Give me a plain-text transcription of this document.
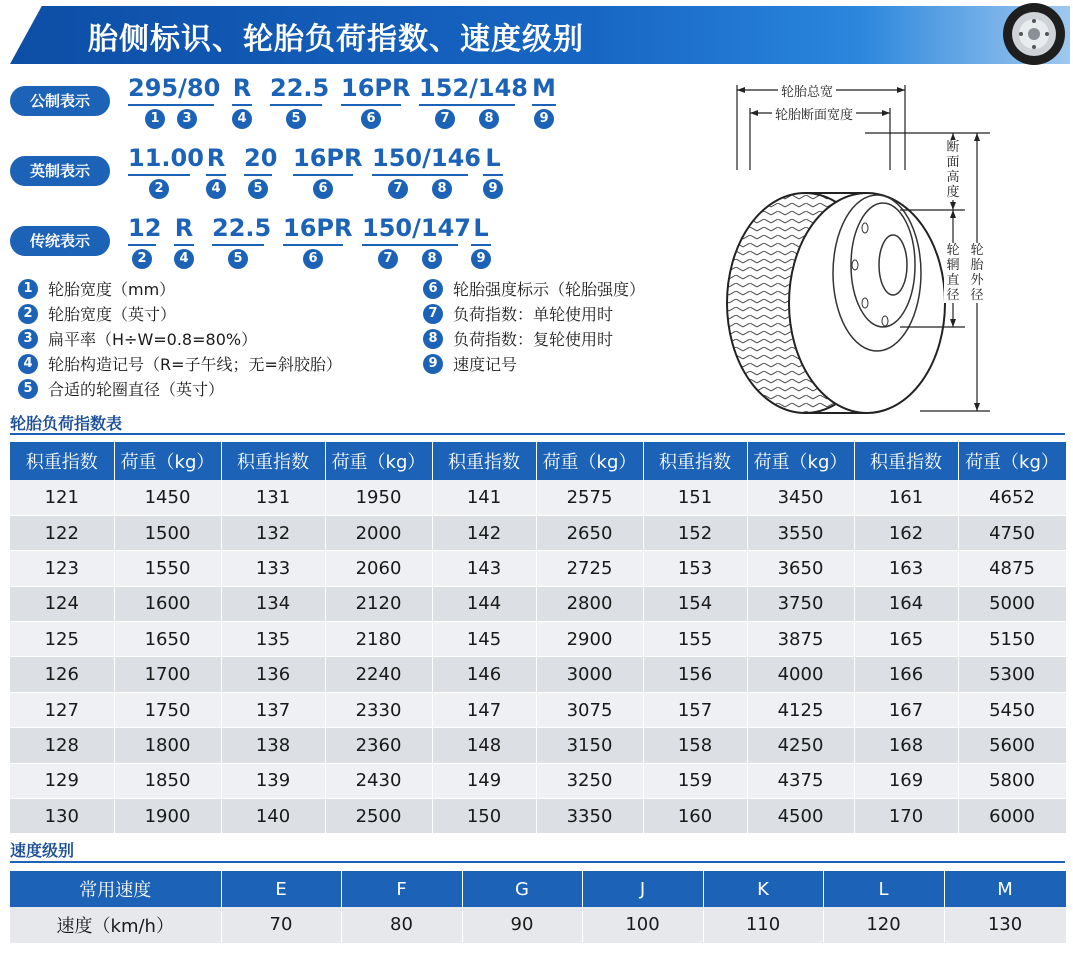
胎侧标识、轮胎负荷指数、速度级别
公制表示	295/80
1	3
R
4
22.5
5
16PR
6
152/148
7	8
M
9
英制表示	11.00
2
R
4
20
5
16PR
6
150/146
7	8
L
9
传统表示	12
2
R
4
22.5
5
16PR
6
150/147
7	8
L
9
1 轮胎宽度（mm）
2 轮胎宽度（英寸）
3 扁平率（H÷W=0.8=80%）
4 轮胎构造记号（R=子午线；无=斜胶胎）
5 合适的轮圈直径（英寸）
6 轮胎强度标示（轮胎强度）
7 负荷指数：单轮使用时
8 负荷指数：复轮使用时
9 速度记号
轮胎总宽
轮胎断面宽度
断面高度
轮辋直径
轮胎外径
轮胎负荷指数表
积重指数	荷重（kg）	积重指数	荷重（kg）	积重指数	荷重（kg）	积重指数	荷重（kg）	积重指数	荷重（kg）
121	1450	131	1950	141	2575	151	3450	161	4652
122	1500	132	2000	142	2650	152	3550	162	4750
123	1550	133	2060	143	2725	153	3650	163	4875
124	1600	134	2120	144	2800	154	3750	164	5000
125	1650	135	2180	145	2900	155	3875	165	5150
126	1700	136	2240	146	3000	156	4000	166	5300
127	1750	137	2330	147	3075	157	4125	167	5450
128	1800	138	2360	148	3150	158	4250	168	5600
129	1850	139	2430	149	3250	159	4375	169	5800
130	1900	140	2500	150	3350	160	4500	170	6000
速度级别
常用速度	E	F	G	J	K	L	M
速度（km/h）	70	80	90	100	110	120	130
